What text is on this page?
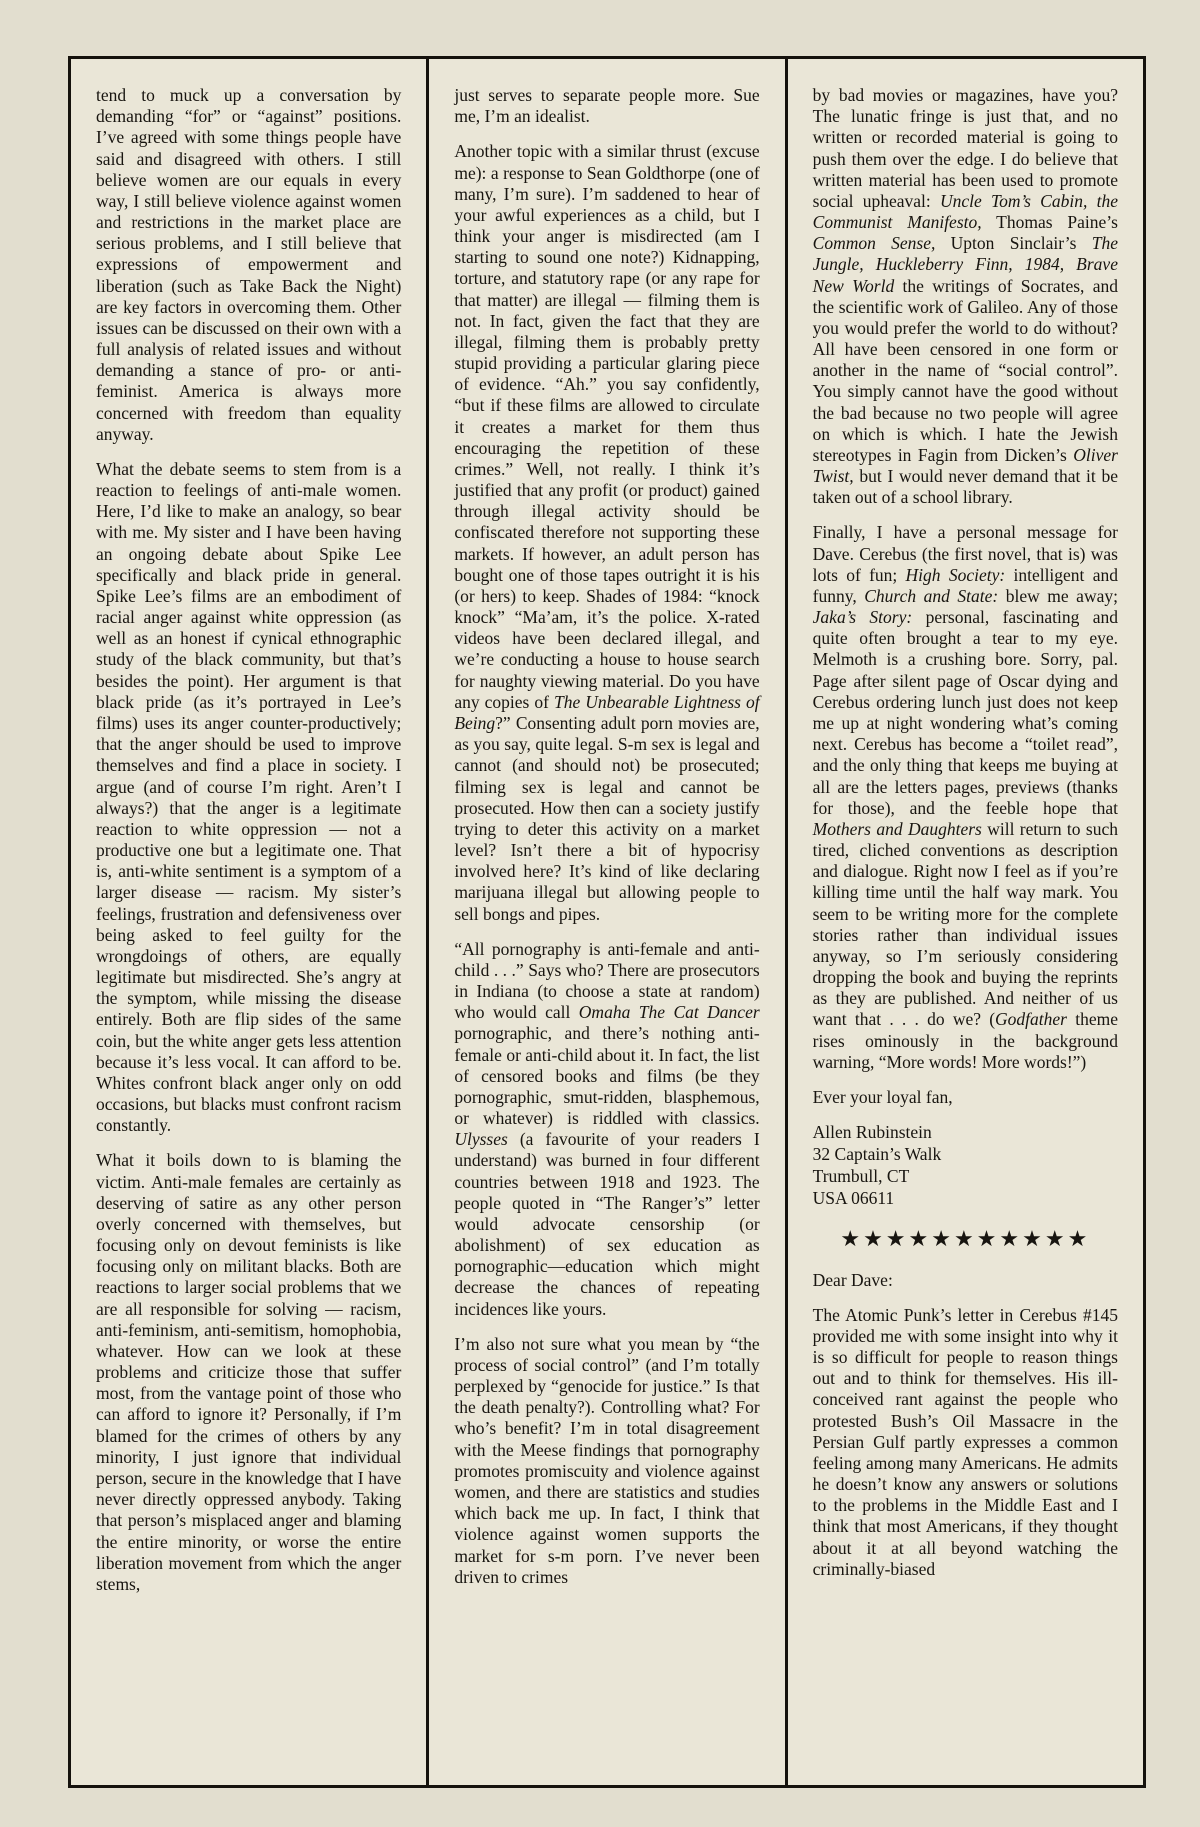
tend to muck up a conversation by demanding “for” or “against” positions. I’ve agreed with some things people have said and disagreed with others. I still believe women are our equals in every way, I still believe violence against women and restrictions in the market place are serious problems, and I still believe that expressions of empowerment and liberation (such as Take Back the Night) are key factors in overcoming them. Other issues can be discussed on their own with a full analysis of related issues and without demanding a stance of pro- or anti-feminist. America is always more concerned with freedom than equality anyway.

What the debate seems to stem from is a reaction to feelings of anti-male women. Here, I’d like to make an analogy, so bear with me. My sister and I have been having an ongoing debate about Spike Lee specifically and black pride in general. Spike Lee’s films are an embodiment of racial anger against white oppression (as well as an honest if cynical ethnographic study of the black community, but that’s besides the point). Her argument is that black pride (as it’s portrayed in Lee’s films) uses its anger counter-productively; that the anger should be used to improve themselves and find a place in society. I argue (and of course I’m right. Aren’t I always?) that the anger is a legitimate reaction to white oppression — not a productive one but a legitimate one. That is, anti-white sentiment is a symptom of a larger disease — racism. My sister’s feelings, frustration and defensiveness over being asked to feel guilty for the wrongdoings of others, are equally legitimate but misdirected. She’s angry at the symptom, while missing the disease entirely. Both are flip sides of the same coin, but the white anger gets less attention because it’s less vocal. It can afford to be. Whites confront black anger only on odd occasions, but blacks must confront racism constantly.

What it boils down to is blaming the victim. Anti-male females are certainly as deserving of satire as any other person overly concerned with themselves, but focusing only on devout feminists is like focusing only on militant blacks. Both are reactions to larger social problems that we are all responsible for solving — racism, anti-feminism, anti-semitism, homophobia, whatever. How can we look at these problems and criticize those that suffer most, from the vantage point of those who can afford to ignore it? Personally, if I’m blamed for the crimes of others by any minority, I just ignore that individual person, secure in the knowledge that I have never directly oppressed anybody. Taking that person’s misplaced anger and blaming the entire minority, or worse the entire liberation movement from which the anger stems,

just serves to separate people more. Sue me, I’m an idealist.

Another topic with a similar thrust (excuse me): a response to Sean Goldthorpe (one of many, I’m sure). I’m saddened to hear of your awful experiences as a child, but I think your anger is misdirected (am I starting to sound one note?) Kidnapping, torture, and statutory rape (or any rape for that matter) are illegal — filming them is not. In fact, given the fact that they are illegal, filming them is probably pretty stupid providing a particular glaring piece of evidence. “Ah.” you say confidently, “but if these films are allowed to circulate it creates a market for them thus encouraging the repetition of these crimes.” Well, not really. I think it’s justified that any profit (or product) gained through illegal activity should be confiscated therefore not supporting these markets. If however, an adult person has bought one of those tapes outright it is his (or hers) to keep. Shades of 1984: “knock knock” “Ma’am, it’s the police. X-rated videos have been declared illegal, and we’re conducting a house to house search for naughty viewing material. Do you have any copies of The Unbearable Lightness of Being?” Consenting adult porn movies are, as you say, quite legal. S-m sex is legal and cannot (and should not) be prosecuted; filming sex is legal and cannot be prosecuted. How then can a society justify trying to deter this activity on a market level? Isn’t there a bit of hypocrisy involved here? It’s kind of like declaring marijuana illegal but allowing people to sell bongs and pipes.

“All pornography is anti-female and anti-child . . .” Says who? There are prosecutors in Indiana (to choose a state at random) who would call Omaha The Cat Dancer pornographic, and there’s nothing anti-female or anti-child about it. In fact, the list of censored books and films (be they pornographic, smut-ridden, blasphemous, or whatever) is riddled with classics. Ulysses (a favourite of your readers I understand) was burned in four different countries between 1918 and 1923. The people quoted in “The Ranger’s” letter would advocate censorship (or abolishment) of sex education as pornographic—education which might decrease the chances of repeating incidences like yours.

I’m also not sure what you mean by “the process of social control” (and I’m totally perplexed by “genocide for justice.” Is that the death penalty?). Controlling what? For who’s benefit? I’m in total disagreement with the Meese findings that pornography promotes promiscuity and violence against women, and there are statistics and studies which back me up. In fact, I think that violence against women supports the market for s-m porn. I’ve never been driven to crimes

by bad movies or magazines, have you? The lunatic fringe is just that, and no written or recorded material is going to push them over the edge. I do believe that written material has been used to promote social upheaval: Uncle Tom’s Cabin, the Communist Manifesto, Thomas Paine’s Common Sense, Upton Sinclair’s The Jungle, Huckleberry Finn, 1984, Brave New World the writings of Socrates, and the scientific work of Galileo. Any of those you would prefer the world to do without? All have been censored in one form or another in the name of “social control”. You simply cannot have the good without the bad because no two people will agree on which is which. I hate the Jewish stereotypes in Fagin from Dicken’s Oliver Twist, but I would never demand that it be taken out of a school library.

Finally, I have a personal message for Dave. Cerebus (the first novel, that is) was lots of fun; High Society: intelligent and funny, Church and State: blew me away; Jaka’s Story: personal, fascinating and quite often brought a tear to my eye. Melmoth is a crushing bore. Sorry, pal. Page after silent page of Oscar dying and Cerebus ordering lunch just does not keep me up at night wondering what’s coming next. Cerebus has become a “toilet read”, and the only thing that keeps me buying at all are the letters pages, previews (thanks for those), and the feeble hope that Mothers and Daughters will return to such tired, cliched conventions as description and dialogue. Right now I feel as if you’re killing time until the half way mark. You seem to be writing more for the complete stories rather than individual issues anyway, so I’m seriously considering dropping the book and buying the reprints as they are published. And neither of us want that . . . do we? (Godfather theme rises ominously in the background warning, “More words! More words!”)

Ever your loyal fan,

Allen Rubinstein
32 Captain’s Walk
Trumbull, CT
USA 06611
★★★★★★★★★★★

Dear Dave:

The Atomic Punk’s letter in Cerebus #145 provided me with some insight into why it is so difficult for people to reason things out and to think for themselves. His ill-conceived rant against the people who protested Bush’s Oil Massacre in the Persian Gulf partly expresses a common feeling among many Americans. He admits he doesn’t know any answers or solutions to the problems in the Middle East and I think that most Americans, if they thought about it at all beyond watching the criminally-biased
